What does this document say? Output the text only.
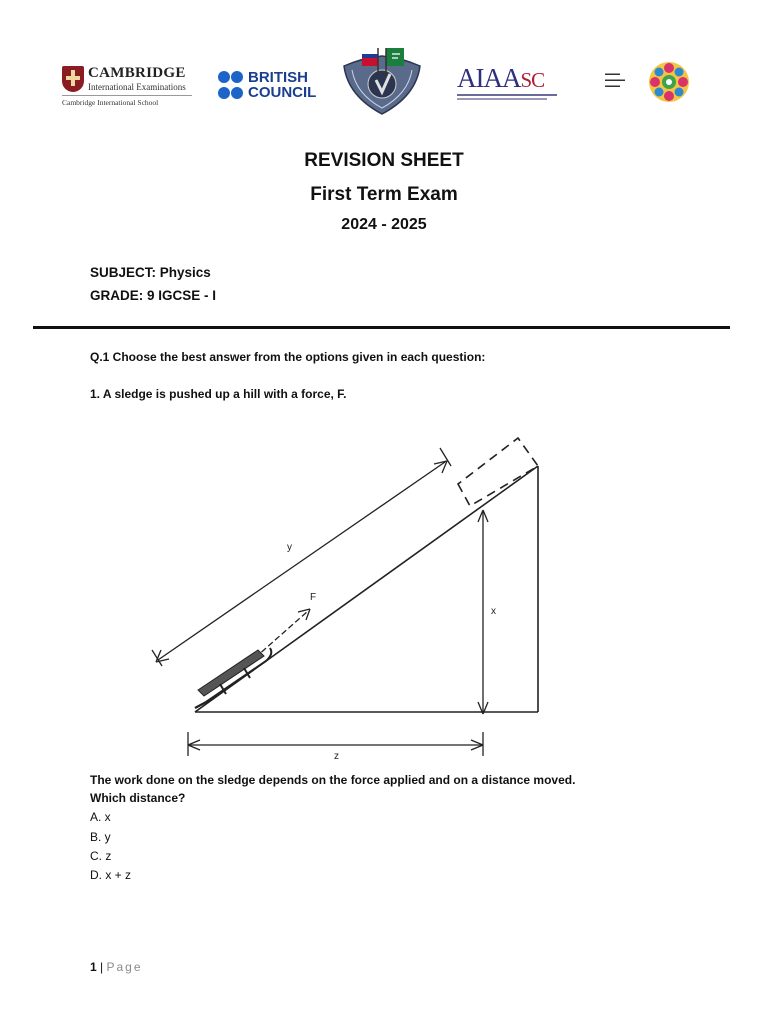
CAMBRIDGE
International Examinations
Cambridge International School
BRITISH
COUNCIL	AIAASC	▬▬▬
▬▬▬▬
▬▬▬
REVISION SHEET
First Term Exam
2024 - 2025
SUBJECT: Physics
GRADE: 9 IGCSE - I
Q.1 Choose the best answer from the options given in each question:
1. A sledge is pushed up a hill with a force, F.
y
F
x
z
The work done on the sledge depends on the force applied and on a distance moved.
Which distance?
A. x
B. y
C. z
D. x + z
1 | Page
